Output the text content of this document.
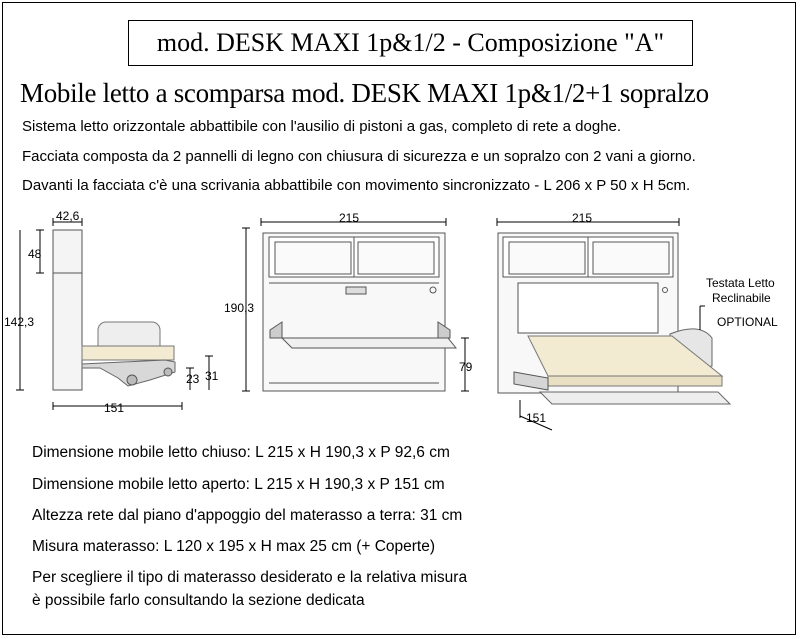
mod. DESK MAXI 1p&1/2 - Composizione "A"
Mobile letto a scomparsa mod. DESK MAXI 1p&1/2+1 sopralzo
Sistema letto orizzontale abbattibile con l'ausilio di pistoni a gas, completo di rete a doghe.
Facciata composta da 2 pannelli di legno con chiusura di sicurezza e un sopralzo con 2 vani a giorno.
Davanti la facciata c'è una scrivania abbattibile con movimento sincronizzato - L 206 x P 50 x H 5cm.
42,6
48
142,3
151
23 31
215
190,3
79
215
151
Testata Letto
Reclinabile
OPTIONAL
Dimensione mobile letto chiuso: L 215 x H 190,3 x P 92,6 cm
Dimensione mobile letto aperto: L 215 x H 190,3 x P 151 cm
Altezza rete dal piano d'appoggio del materasso a terra: 31 cm
Misura materasso: L 120 x 195 x H max 25 cm (+ Coperte)
Per scegliere il tipo di materasso desiderato e la relativa misura
è possibile farlo consultando la sezione dedicata
